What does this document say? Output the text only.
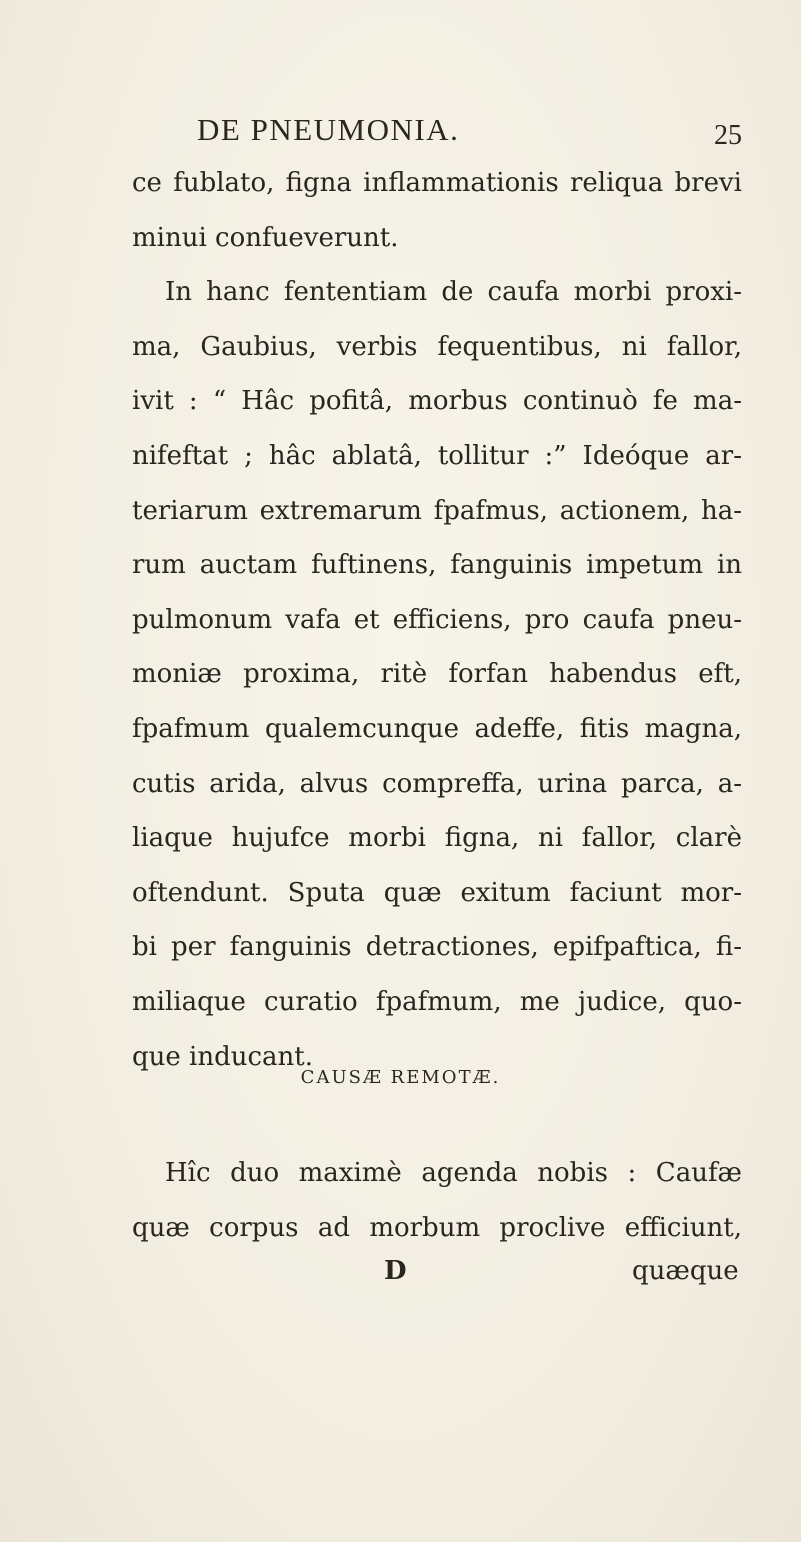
DE PNEUMONIA.	25
ce fublato, figna inflammationis reliqua brevi
minui confueverunt.
In hanc fententiam de caufa morbi proxi-
ma, Gaubius, verbis fequentibus, ni fallor,
ivit : “ Hâc pofitâ, morbus continuò fe ma-
nifeftat ; hâc ablatâ, tollitur :” Ideóque ar-
teriarum extremarum fpafmus, actionem, ha-
rum auctam fuftinens, fanguinis impetum in
pulmonum vafa et efficiens, pro caufa pneu-
moniæ proxima, ritè forfan habendus eft,
fpafmum qualemcunque adeffe, fitis magna,
cutis arida, alvus compreffa, urina parca, a-
liaque hujufce morbi figna, ni fallor, clarè
oftendunt. Sputa quæ exitum faciunt mor-
bi per fanguinis detractiones, epifpaftica, fi-
miliaque curatio fpafmum, me judice, quo-
que inducant.
CAUSÆ REMOTÆ.
Hîc duo maximè agenda nobis : Caufæ
quæ corpus ad morbum proclive efficiunt,
D	quæque
